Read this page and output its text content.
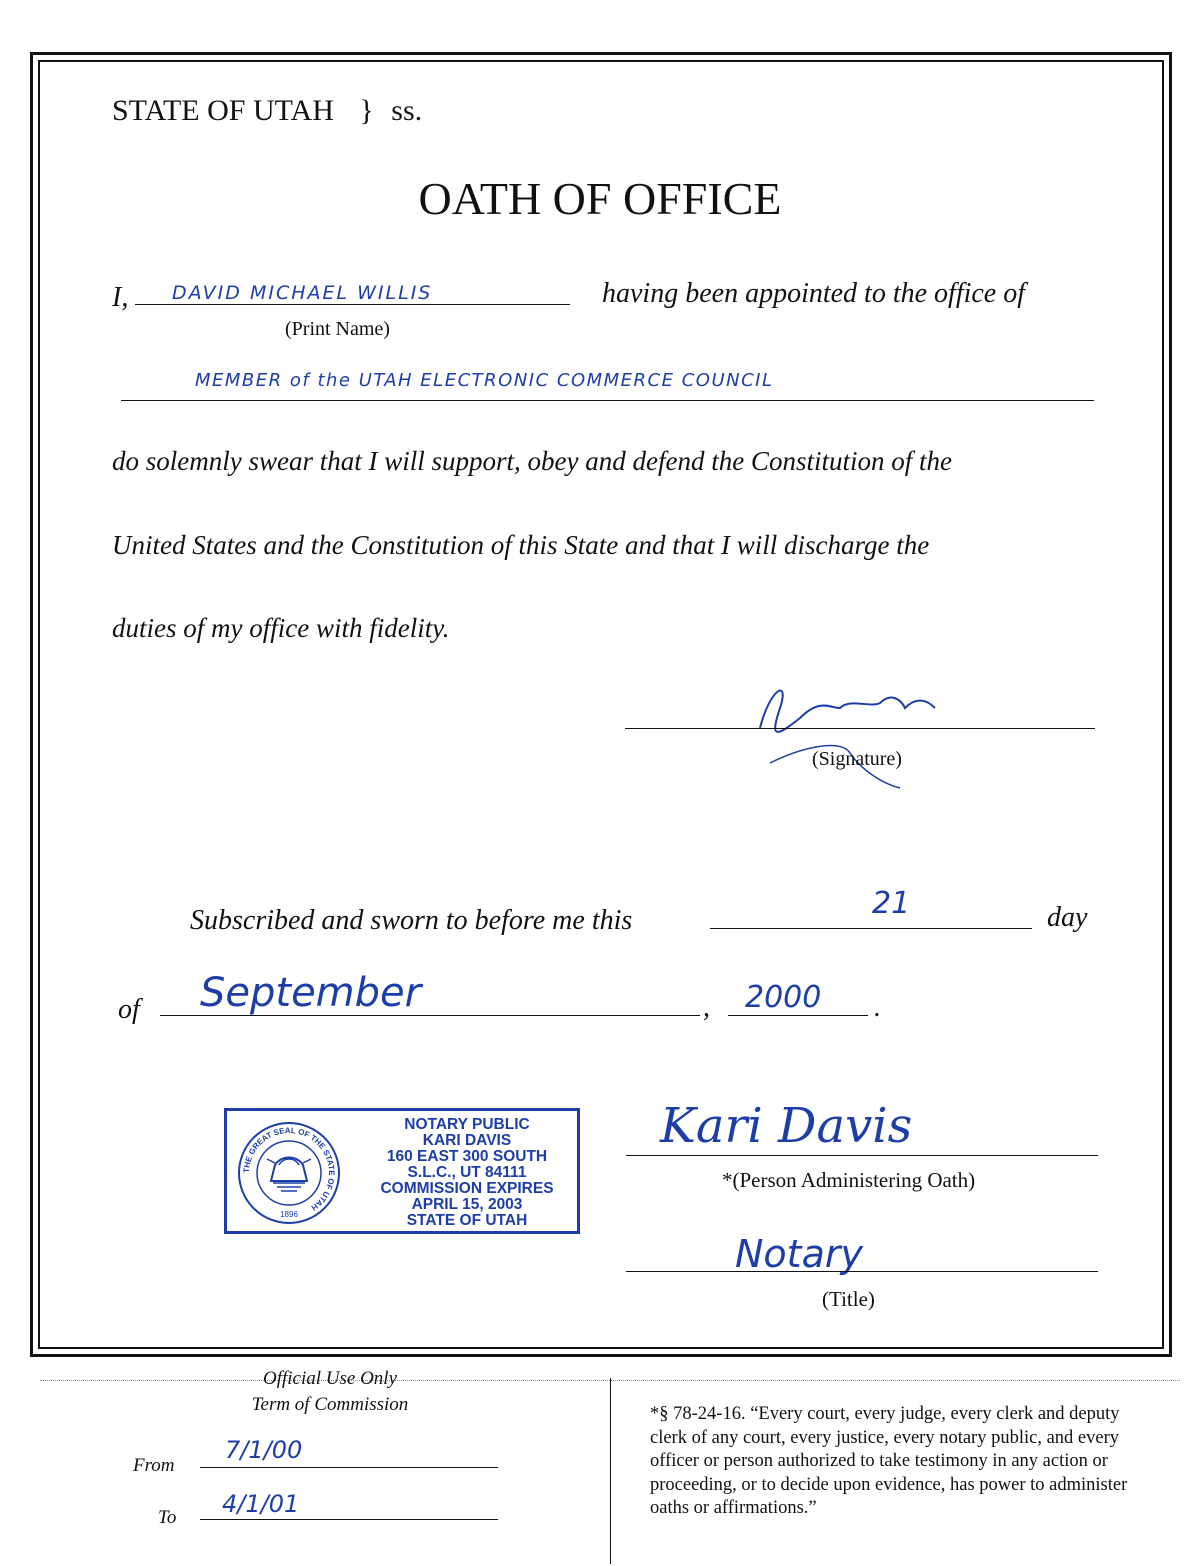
STATE OF UTAH } ss.
OATH OF OFFICE
I, DAVID MICHAEL WILLIS
(Print Name)
having been appointed to the office of
MEMBER of the UTAH ELECTRONIC COMMERCE COUNCIL
do solemnly swear that I will support, obey and defend the Constitution of the
United States and the Constitution of this State and that I will discharge the
duties of my office with fidelity.
(Signature)
Subscribed and sworn to before me this	21	day
of September	, 2000 .
THE GREAT SEAL OF THE STATE OF UTAH
1896
NOTARY PUBLIC
KARI DAVIS
160 EAST 300 SOUTH
S.L.C., UT 84111
COMMISSION EXPIRES
APRIL 15, 2003
STATE OF UTAH
Kari Davis
*(Person Administering Oath)
Notary
(Title)
Official Use Only
Term of Commission
From
7/1/00
To 4/1/01
*§ 78-24-16. “Every court, every judge, every clerk and deputy clerk of any court, every justice, every notary public, and every officer or person authorized to take testimony in any action or proceeding, or to decide upon evidence, has power to administer oaths or affirmations.”
